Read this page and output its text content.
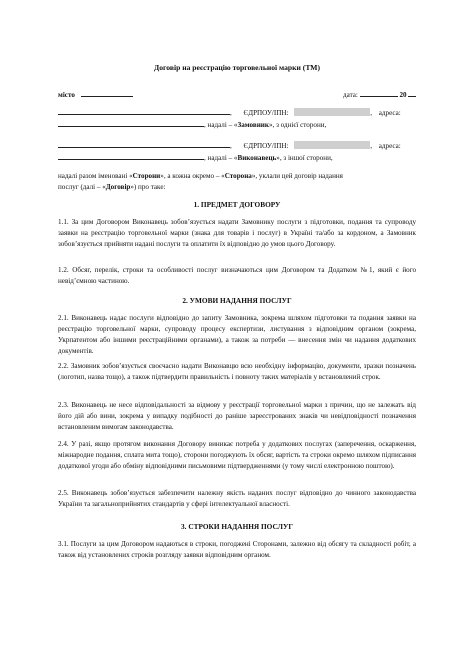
Договір на реєстрацію торговельної марки (ТМ)
місто	дата:	20
, ЄДРПОУ/ІПН:	, адреса:
, надалі – «Замовник», з однієї сторони,
, ЄДРПОУ/ІПН:	, адреса:
, надалі – «Виконавець», з іншої сторони,
надалі разом іменовані «Сторони», а кожна окремо – «Сторона», уклали цей договір надання
послуг (далі – «Договір») про таке:
1. ПРЕДМЕТ ДОГОВОРУ
1.1. За цим Договором Виконавець зобов’язується надати Замовнику послуги з підготовки, подання та супроводу заявки на реєстрацію торговельної марки (знака для товарів і послуг) в Україні та/або за кордоном, а Замовник зобов’язується прийняти надані послуги та оплатити їх відповідно до умов цього Договору.
1.2. Обсяг, перелік, строки та особливості послуг визначаються цим Договором та Додатком №1, який є його невід’ємною частиною.
2. УМОВИ НАДАННЯ ПОСЛУГ
2.1. Виконавець надає послуги відповідно до запиту Замовника, зокрема шляхом підготовки та подання заявки на реєстрацію торговельної марки, супроводу процесу експертизи, листування з відповідним органом (зокрема, Укрпатентом або іншими реєстраційними органами), а також за потреби — внесення змін чи надання додаткових документів.
2.2. Замовник зобов’язується своєчасно надати Виконавцю всю необхідну інформацію, документи, зразки позначень (логотип, назва тощо), а також підтвердити правильність і повноту таких матеріалів у встановлений строк.
2.3. Виконавець не несе відповідальності за відмову у реєстрації торговельної марки з причин, що не залежать від його дій або вини, зокрема у випадку подібності до раніше зареєстрованих знаків чи невідповідності позначення встановленим вимогам законодавства.
2.4. У разі, якщо протягом виконання Договору виникає потреба у додаткових послугах (заперечення, оскарження, міжнародне подання, сплата мита тощо), сторони погоджують їх обсяг, вартість та строки окремо шляхом підписання додаткової угоди або обміну відповідними письмовими підтвердженнями (у тому числі електронною поштою).
2.5. Виконавець зобов’язується забезпечити належну якість наданих послуг відповідно до чинного законодавства України та загальноприйнятих стандартів у сфері інтелектуальної власності.
3. СТРОКИ НАДАННЯ ПОСЛУГ
3.1. Послуги за цим Договором надаються в строки, погоджені Сторонами, залежно від обсягу та складності робіт, а також від установлених строків розгляду заявки відповідним органом.
